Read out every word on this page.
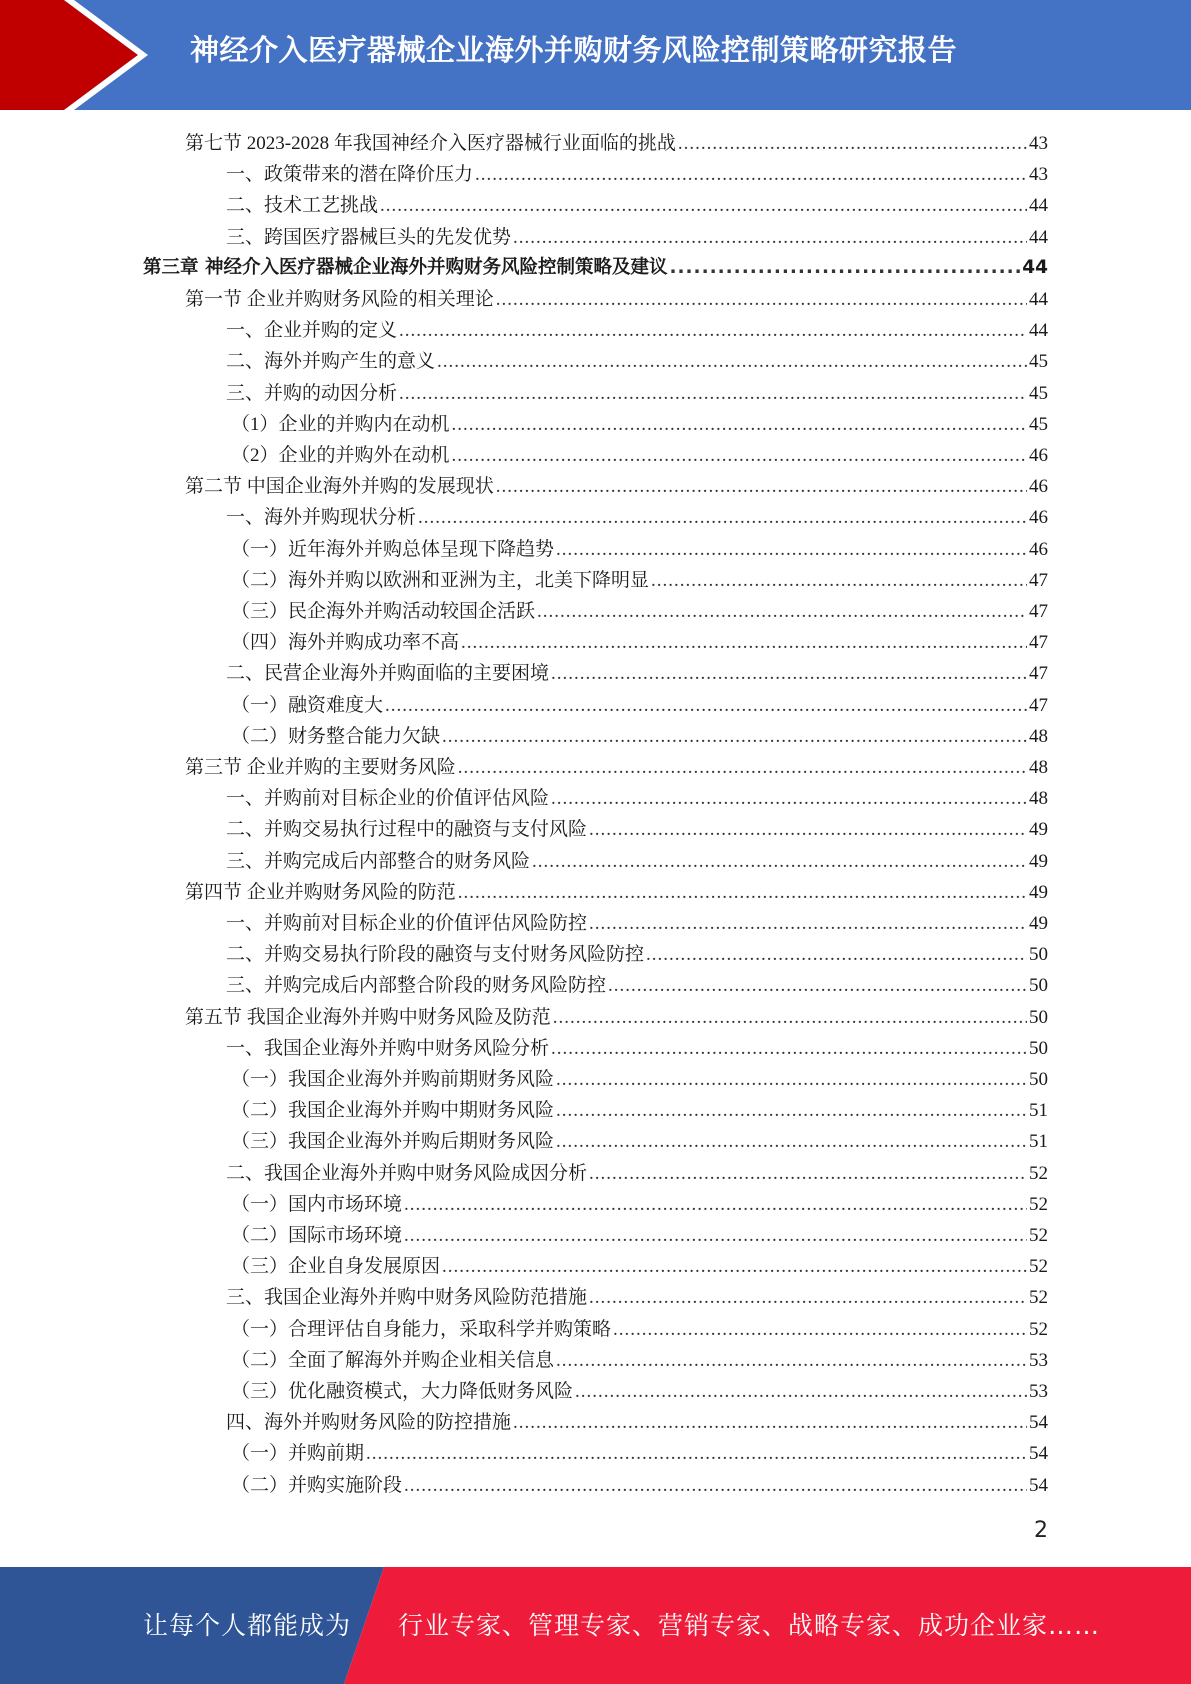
神经介入医疗器械企业海外并购财务风险控制策略研究报告
第七节 2023-2028 年我国神经介入医疗器械行业面临的挑战 .....	43
一、政策带来的潜在降价压力 .....	43
二、技术工艺挑战 .....	44
三、跨国医疗器械巨头的先发优势 .....	44
第三章 神经介入医疗器械企业海外并购财务风险控制策略及建议 .....	44
第一节 企业并购财务风险的相关理论 .....	44
一、企业并购的定义 .....	44
二、海外并购产生的意义 .....	45
三、并购的动因分析 .....	45
（1）企业的并购内在动机 .....	45
（2）企业的并购外在动机 .....	46
第二节 中国企业海外并购的发展现状 .....	46
一、海外并购现状分析 .....	46
（一）近年海外并购总体呈现下降趋势 .....	46
（二）海外并购以欧洲和亚洲为主，北美下降明显 .....	47
（三）民企海外并购活动较国企活跃 .....	47
（四）海外并购成功率不高 .....	47
二、民营企业海外并购面临的主要困境 .....	47
（一）融资难度大 .....	47
（二）财务整合能力欠缺 .....	48
第三节 企业并购的主要财务风险 .....	48
一、并购前对目标企业的价值评估风险 .....	48
二、并购交易执行过程中的融资与支付风险 .....	49
三、并购完成后内部整合的财务风险 .....	49
第四节 企业并购财务风险的防范 .....	49
一、并购前对目标企业的价值评估风险防控 .....	49
二、并购交易执行阶段的融资与支付财务风险防控 .....	50
三、并购完成后内部整合阶段的财务风险防控 .....	50
第五节 我国企业海外并购中财务风险及防范 .....	50
一、我国企业海外并购中财务风险分析 .....	50
（一）我国企业海外并购前期财务风险 .....	50
（二）我国企业海外并购中期财务风险 .....	51
（三）我国企业海外并购后期财务风险 .....	51
二、我国企业海外并购中财务风险成因分析 .....	52
（一）国内市场环境 .....	52
（二）国际市场环境 .....	52
（三）企业自身发展原因 .....	52
三、我国企业海外并购中财务风险防范措施 .....	52
（一）合理评估自身能力，采取科学并购策略 .....	52
（二）全面了解海外并购企业相关信息 .....	53
（三）优化融资模式，大力降低财务风险 .....	53
四、海外并购财务风险的防控措施 .....	54
（一）并购前期 .....	54
（二）并购实施阶段 .....	54
2
让每个人都能成为 行业专家、管理专家、营销专家、战略专家、成功企业家……
